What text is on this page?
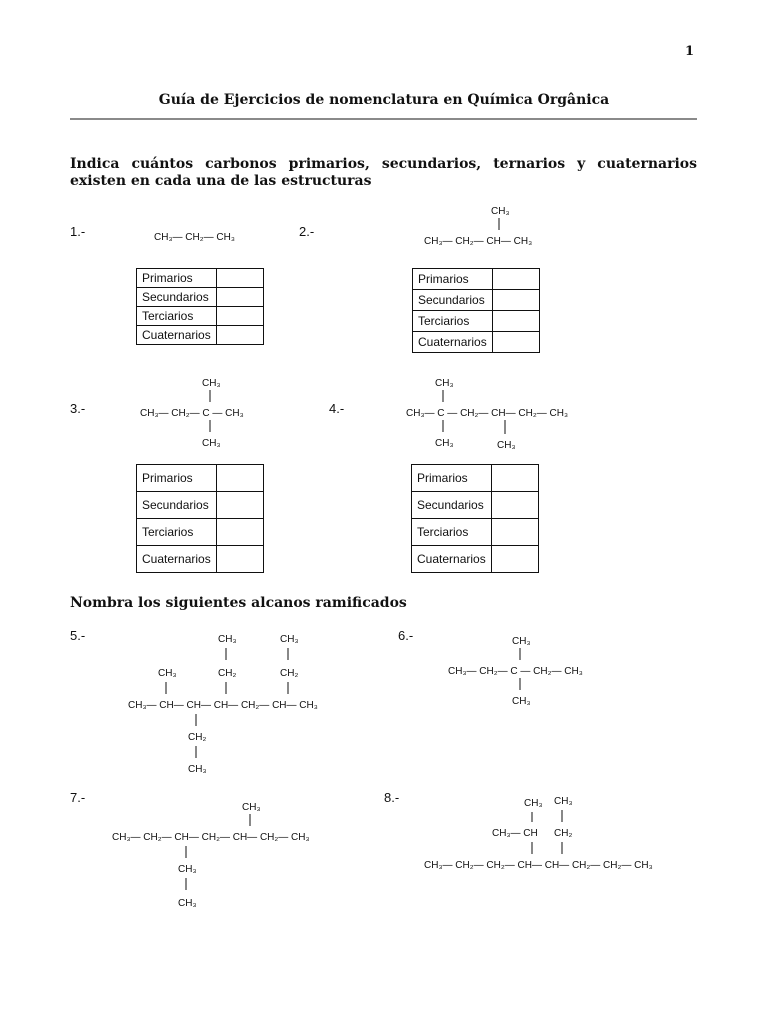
1
Guía de Ejercicios de nomenclatura en Química Orgânica
Indica cuántos carbonos primarios, secundarios, ternarios y cuaternarios existen en cada una de las estructuras
1.-	CH₃— CH₂— CH₃
Primarios	
Secundarios	
Terciarios	
Cuaternarios	
2.-
CH₃
CH₃— CH₂— CH— CH₃
Primarios	
Secundarios	
Terciarios	
Cuaternarios	
3.-
CH₃
CH₃— CH₂— C — CH₃
CH₃
Primarios	
Secundarios	
Terciarios	
Cuaternarios	
4.-
CH₃
CH₃— C — CH₂— CH— CH₂— CH₃
CH₃	CH₃
Primarios	
Secundarios	
Terciarios	
Cuaternarios	
Nombra los siguientes alcanos ramificados
5.-	CH₃	CH₃
CH₃	CH₂	CH₂
CH₃— CH— CH— CH— CH₂— CH— CH₃
CH₂
CH₃
6.-	CH₃
CH₃— CH₂— C — CH₂— CH₃
CH₃
7.-
CH₃
CH₃— CH₂— CH— CH₂— CH— CH₂— CH₃
CH₃
CH₃
8.-	CH₃ CH₃
CH₃— CH CH₂
CH₃— CH₂— CH₂— CH— CH— CH₂— CH₂— CH₃
